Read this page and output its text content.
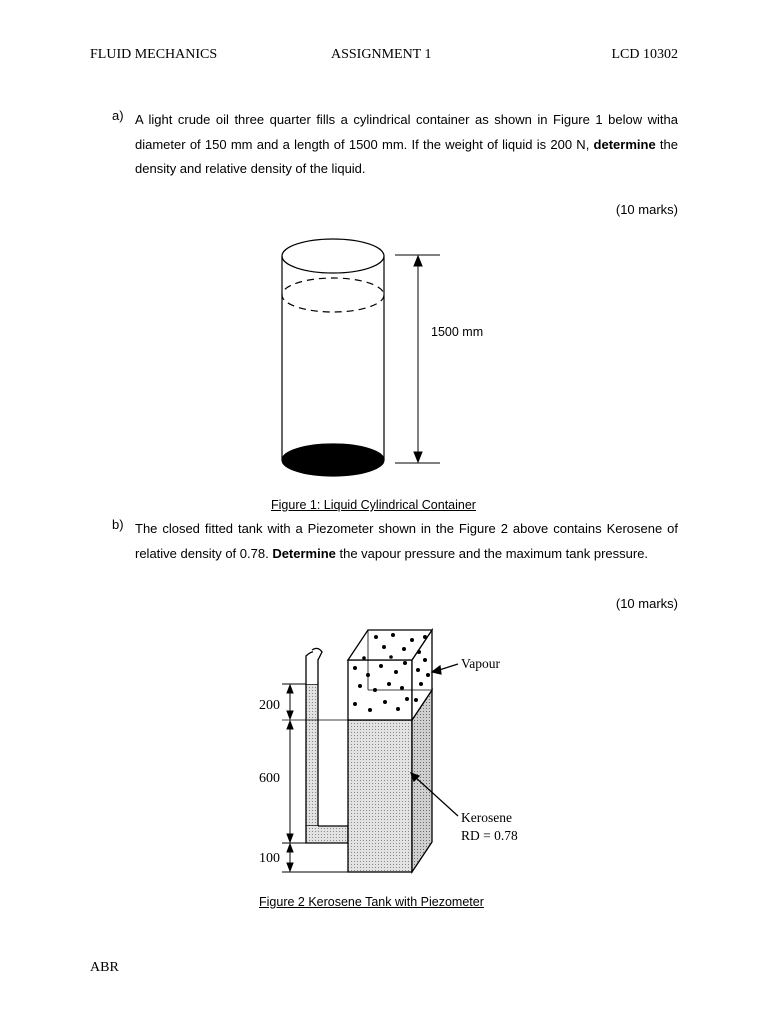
FLUID MECHANICS	ASSIGNMENT 1	LCD 10302
a) A light crude oil three quarter fills a cylindrical container as shown in Figure 1 below witha diameter of 150 mm and a length of 1500 mm. If the weight of liquid is 200 N, determine the density and relative density of the liquid.
(10 marks)
1500 mm
Figure 1: Liquid Cylindrical Container
b) The closed fitted tank with a Piezometer shown in the Figure 2 above contains Kerosene of relative density of 0.78. Determine the vapour pressure and the maximum tank pressure.
(10 marks)
200
600
100
Vapour
Kerosene
RD = 0.78
Figure 2 Kerosene Tank with Piezometer
ABR
